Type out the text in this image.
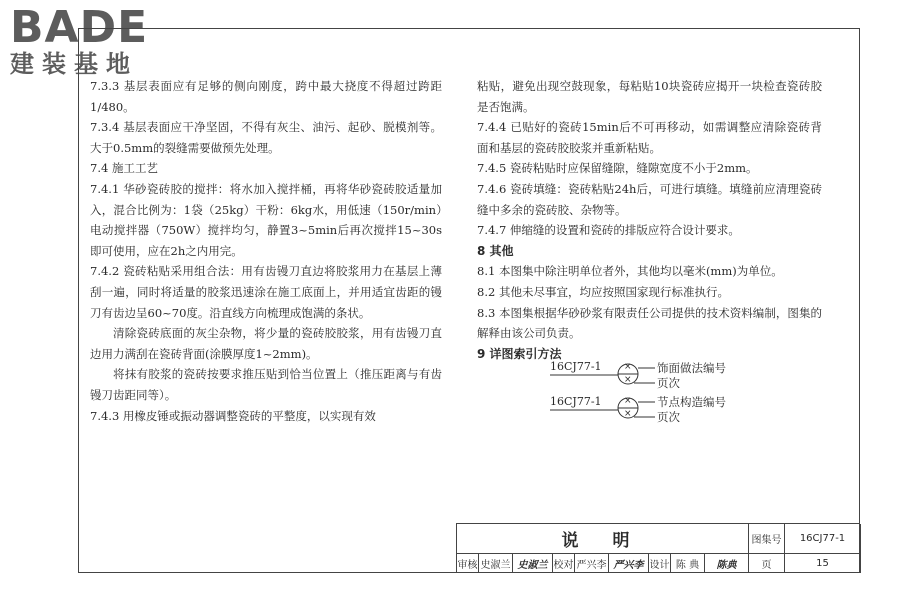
BADE
建装基地

7.3.3 基层表面应有足够的侧向刚度，跨中最大挠度不得超过跨距1/480。

7.3.4 基层表面应干净坚固，不得有灰尘、油污、起砂、脱模剂等。大于0.5mm的裂缝需要做预先处理。

7.4 施工工艺

7.4.1 华砂瓷砖胶的搅拌：将水加入搅拌桶，再将华砂瓷砖胶适量加入，混合比例为：1袋（25kg）干粉：6kg水，用低速（150r/min）电动搅拌器（750W）搅拌均匀，静置3~5min后再次搅拌15~30s即可使用，应在2h之内用完。

7.4.2 瓷砖粘贴采用组合法：用有齿镘刀直边将胶浆用力在基层上薄刮一遍，同时将适量的胶浆迅速涂在施工底面上，并用适宜齿距的镘刀有齿边呈60~70度。沿直线方向梳理成饱满的条状。

清除瓷砖底面的灰尘杂物，将少量的瓷砖胶胶浆，用有齿镘刀直边用力满刮在瓷砖背面(涂膜厚度1~2mm)。

将抹有胶浆的瓷砖按要求推压贴到恰当位置上（推压距离与有齿镘刀齿距同等）。

7.4.3 用橡皮锤或振动器调整瓷砖的平整度，以实现有效

粘贴，避免出现空鼓现象，每粘贴10块瓷砖应揭开一块检查瓷砖胶是否饱满。

7.4.4 已贴好的瓷砖15min后不可再移动，如需调整应清除瓷砖背面和基层的瓷砖胶胶浆并重新粘贴。

7.4.5 瓷砖粘贴时应保留缝隙，缝隙宽度不小于2mm。

7.4.6 瓷砖填缝：瓷砖粘贴24h后，可进行填缝。填缝前应清理瓷砖缝中多余的瓷砖胶、杂物等。

7.4.7 伸缩缝的设置和瓷砖的排版应符合设计要求。

8 其他

8.1 本图集中除注明单位者外，其他均以毫米(mm)为单位。

8.2 其他未尽事宜，均应按照国家现行标准执行。

8.3 本图集根据华砂砂浆有限责任公司提供的技术资料编制，图集的解释由该公司负责。

9 详图索引方法

16CJ77-1 ×
×
饰面做法编号
页次
16CJ77-1 ×
×
节点构造编号
页次
说 明	图集号	16CJ77-1
审核 史淑兰 史淑兰 校对 严兴李 严兴李 设计 陈 典	陈典	页	15
